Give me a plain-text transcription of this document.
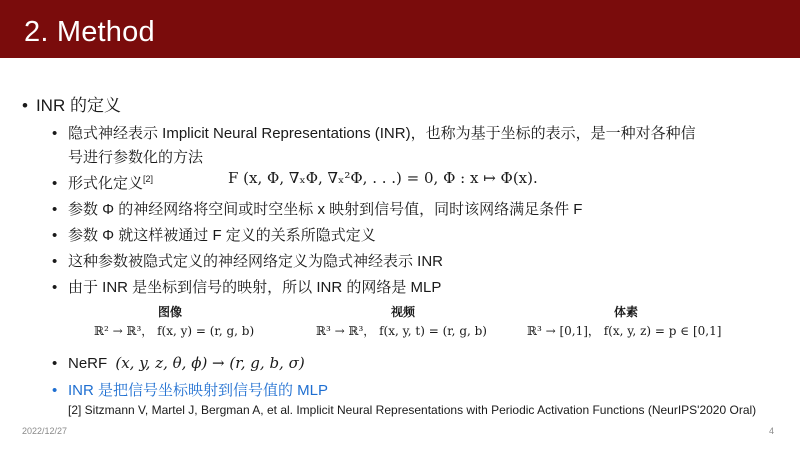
2. Method
• INR 的定义
• 隐式神经表示 Implicit Neural Representations (INR)，也称为基于坐标的表示，是一种对各种信
号进行参数化的方法
• 形式化定义[2]	F (x, Φ, ∇ₓΦ, ∇ₓ²Φ, . . .) = 0, Φ : x ↦ Φ(x).
• 参数 Φ 的神经网络将空间或时空坐标 x 映射到信号值，同时该网络满足条件 F
• 参数 Φ 就这样被通过 F 定义的关系所隐式定义
• 这种参数被隐式定义的神经网络定义为隐式神经表示 INR
• 由于 INR 是坐标到信号的映射，所以 INR 的网络是 MLP
图像
ℝ² → ℝ³， f(x, y) = (r, g, b)
视频
ℝ³ → ℝ³， f(x, y, t) = (r, g, b)
体素
ℝ³ → [0,1]， f(x, y, z) = p ∈ [0,1]
• NeRF (x, y, z, θ, ϕ) → (r, g, b, σ)
• INR 是把信号坐标映射到信号值的 MLP
[2] Sitzmann V, Martel J, Bergman A, et al. Implicit Neural Representations with Periodic Activation Functions (NeurIPS'2020 Oral)
2022/12/27	4
